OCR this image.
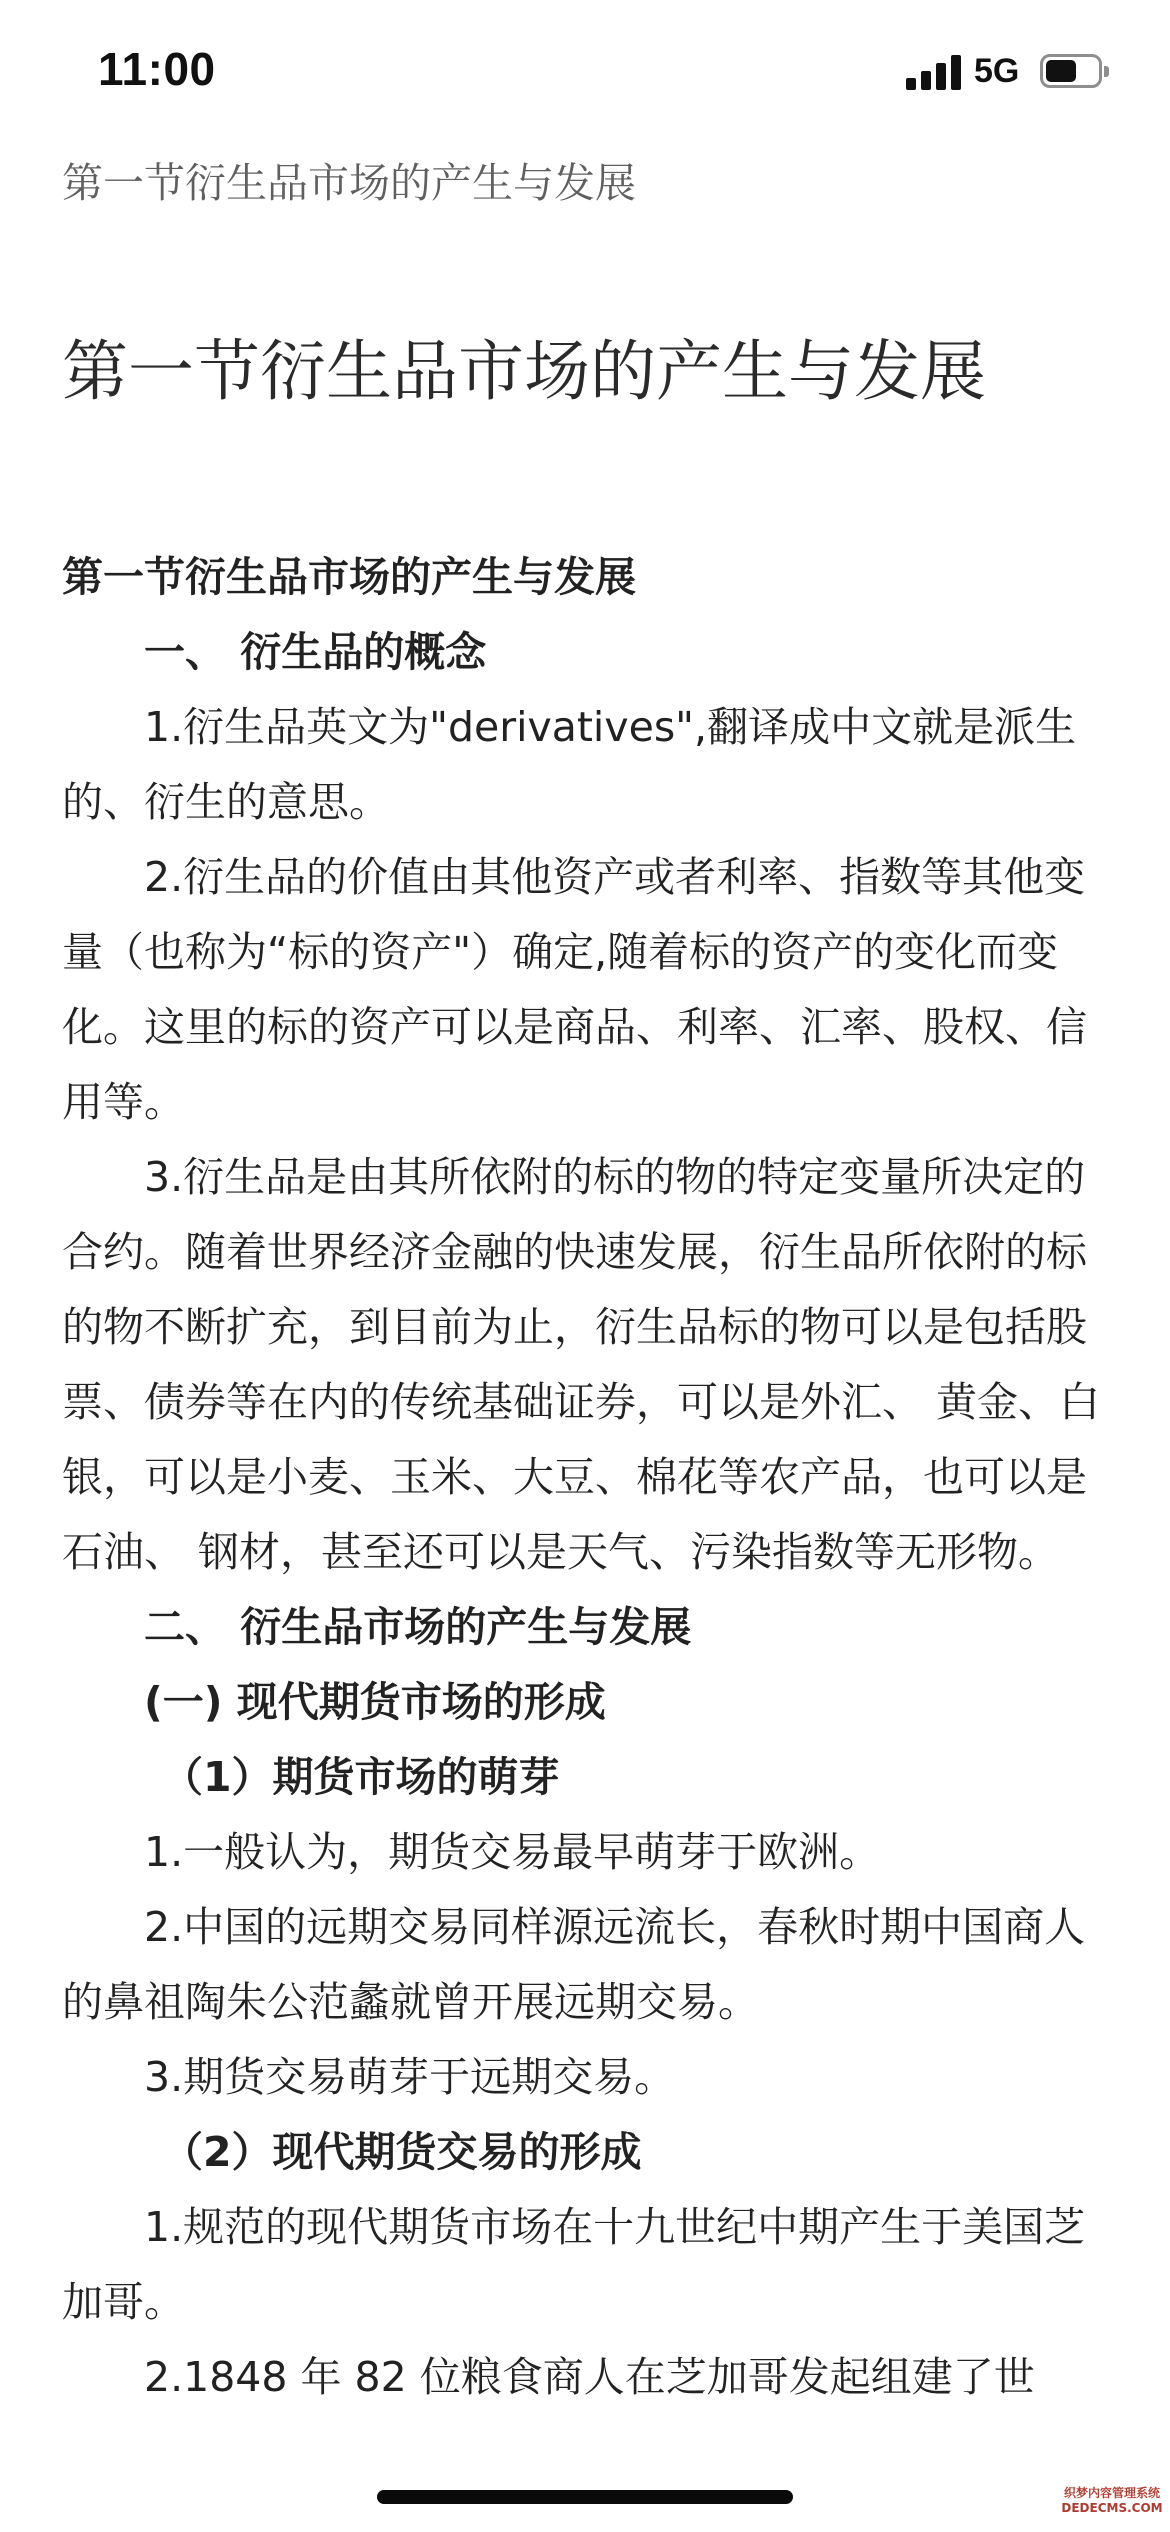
11:00	5G
第一节衍生品市场的产生与发展
第一节衍生品市场的产生与发展

第一节衍生品市场的产生与发展

一、 衍生品的概念

1.衍生品英文为"derivatives",翻译成中文就是派生的、衍生的意思。

2.衍生品的价值由其他资产或者利率、指数等其他变量（也称为“标的资产"）确定,随着标的资产的变化而变化。这里的标的资产可以是商品、利率、汇率、股权、信用等。

3.衍生品是由其所依附的标的物的特定变量所决定的合约。随着世界经济金融的快速发展，衍生品所依附的标的物不断扩充，到目前为止，衍生品标的物可以是包括股票、债券等在内的传统基础证券，可以是外汇、 黄金、白银，可以是小麦、玉米、大豆、棉花等农产品，也可以是石油、 钢材，甚至还可以是天气、污染指数等无形物。

二、 衍生品市场的产生与发展

(一) 现代期货市场的形成

（1）期货市场的萌芽

1.一般认为，期货交易最早萌芽于欧洲。

2.中国的远期交易同样源远流长，春秋时期中国商人的鼻祖陶朱公范蠡就曾开展远期交易。

3.期货交易萌芽于远期交易。

（2）现代期货交易的形成

1.规范的现代期货市场在十九世纪中期产生于美国芝加哥。

2.1848 年 82 位粮食商人在芝加哥发起组建了世

织梦内容管理系统
DEDECMS.COM
